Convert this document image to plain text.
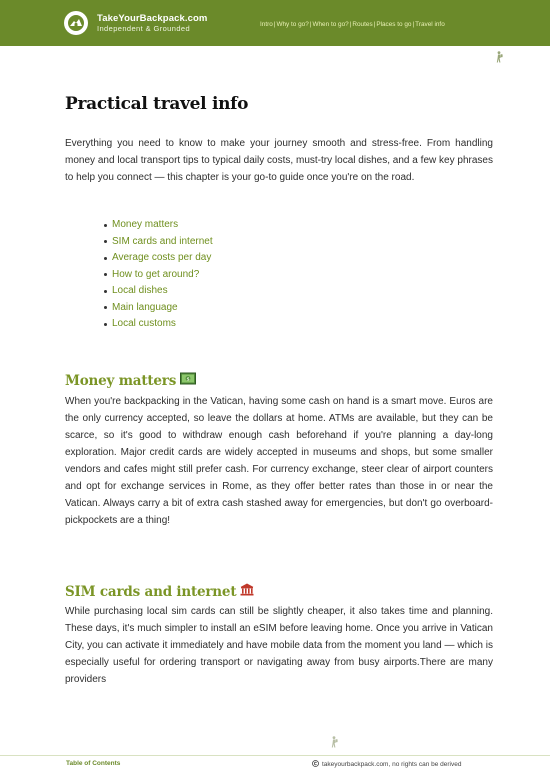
TakeYourBackpack.com
Independent & Grounded	Intro|Why to go?|When to go?|Routes|Places to go|Travel info
Practical travel info

Everything you need to know to make your journey smooth and stress-free. From handling money and local transport tips to typical daily costs, must-try local dishes, and a few key phrases to help you connect — this chapter is your go-to guide once you're on the road.

Money matters
SIM cards and internet
Average costs per day
How to get around?
Local dishes
Main language
Local customs
Money matters $

When you're backpacking in the Vatican, having some cash on hand is a smart move. Euros are the only currency accepted, so leave the dollars at home. ATMs are available, but they can be scarce, so it's good to withdraw enough cash beforehand if you're planning a day-long exploration. Major credit cards are widely accepted in museums and shops, but some smaller vendors and cafes might still prefer cash. For currency exchange, steer clear of airport counters and opt for exchange services in Rome, as they offer better rates than those in or near the Vatican. Always carry a bit of extra cash stashed away for emergencies, but don't go overboard-pickpockets are a thing!

SIM cards and internet

While purchasing local sim cards can still be slightly cheaper, it also takes time and planning. These days, it's much simpler to install an eSIM before leaving home. Once you arrive in Vatican City, you can activate it immediately and have mobile data from the moment you land — which is especially useful for ordering transport or navigating away from busy airports.There are many providers

Table of Contents	takeyourbackpack.com, no rights can be derived
